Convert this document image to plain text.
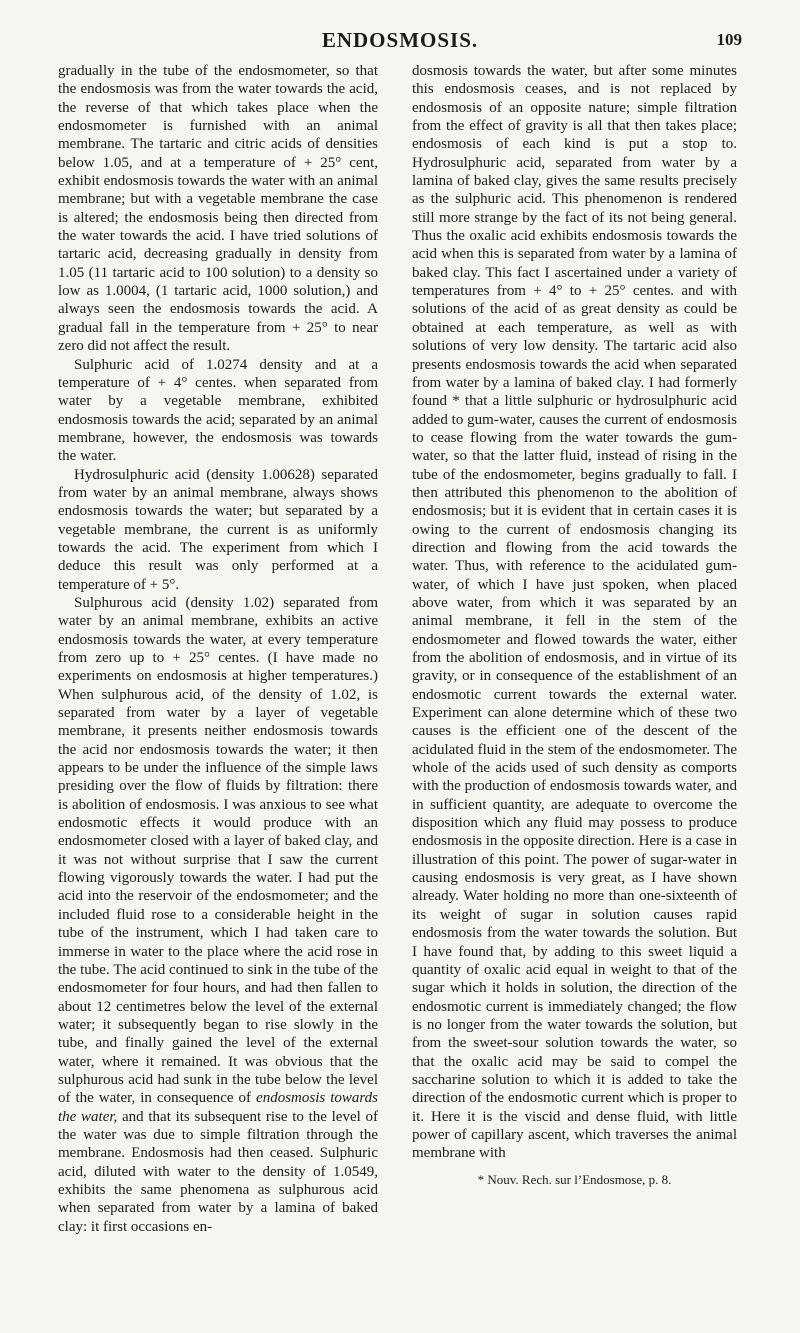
ENDOSMOSIS.	109

gradually in the tube of the endosmometer, so that the endosmosis was from the water towards the acid, the reverse of that which takes place when the endosmometer is furnished with an animal membrane. The tartaric and citric acids of densities below 1.05, and at a temperature of + 25° cent, exhibit endosmosis towards the water with an animal membrane; but with a vegetable membrane the case is altered; the endosmosis being then directed from the water towards the acid. I have tried solutions of tartaric acid, decreasing gradually in density from 1.05 (11 tartaric acid to 100 solution) to a density so low as 1.0004, (1 tartaric acid, 1000 solution,) and always seen the endosmosis towards the acid. A gradual fall in the temperature from + 25° to near zero did not affect the result.

Sulphuric acid of 1.0274 density and at a temperature of + 4° centes. when separated from water by a vegetable membrane, exhibited endosmosis towards the acid; separated by an animal membrane, however, the endosmosis was towards the water.

Hydrosulphuric acid (density 1.00628) separated from water by an animal membrane, always shows endosmosis towards the water; but separated by a vegetable membrane, the current is as uniformly towards the acid. The experiment from which I deduce this result was only performed at a temperature of + 5°.

Sulphurous acid (density 1.02) separated from water by an animal membrane, exhibits an active endosmosis towards the water, at every temperature from zero up to + 25° centes. (I have made no experiments on endosmosis at higher temperatures.) When sulphurous acid, of the density of 1.02, is separated from water by a layer of vegetable membrane, it presents neither endosmosis towards the acid nor endosmosis towards the water; it then appears to be under the influence of the simple laws presiding over the flow of fluids by filtration: there is abolition of endosmosis. I was anxious to see what endosmotic effects it would produce with an endosmometer closed with a layer of baked clay, and it was not without surprise that I saw the current flowing vigorously towards the water. I had put the acid into the reservoir of the endosmometer; and the included fluid rose to a considerable height in the tube of the instrument, which I had taken care to immerse in water to the place where the acid rose in the tube. The acid continued to sink in the tube of the endosmometer for four hours, and had then fallen to about 12 centimetres below the level of the external water; it subsequently began to rise slowly in the tube, and finally gained the level of the external water, where it remained. It was obvious that the sulphurous acid had sunk in the tube below the level of the water, in consequence of endosmosis towards the water, and that its subsequent rise to the level of the water was due to simple filtration through the membrane. Endosmosis had then ceased. Sulphuric acid, diluted with water to the density of 1.0549, exhibits the same phenomena as sulphurous acid when separated from water by a lamina of baked clay: it first occasions en-

dosmosis towards the water, but after some minutes this endosmosis ceases, and is not replaced by endosmosis of an opposite nature; simple filtration from the effect of gravity is all that then takes place; endosmosis of each kind is put a stop to. Hydrosulphuric acid, separated from water by a lamina of baked clay, gives the same results precisely as the sulphuric acid. This phenomenon is rendered still more strange by the fact of its not being general. Thus the oxalic acid exhibits endosmosis towards the acid when this is separated from water by a lamina of baked clay. This fact I ascertained under a variety of temperatures from + 4° to + 25° centes. and with solutions of the acid of as great density as could be obtained at each temperature, as well as with solutions of very low density. The tartaric acid also presents endosmosis towards the acid when separated from water by a lamina of baked clay. I had formerly found * that a little sulphuric or hydrosulphuric acid added to gum-water, causes the current of endosmosis to cease flowing from the water towards the gum-water, so that the latter fluid, instead of rising in the tube of the endosmometer, begins gradually to fall. I then attributed this phenomenon to the abolition of endosmosis; but it is evident that in certain cases it is owing to the current of endosmosis changing its direction and flowing from the acid towards the water. Thus, with reference to the acidulated gum-water, of which I have just spoken, when placed above water, from which it was separated by an animal membrane, it fell in the stem of the endosmometer and flowed towards the water, either from the abolition of endosmosis, and in virtue of its gravity, or in consequence of the establishment of an endosmotic current towards the external water. Experiment can alone determine which of these two causes is the efficient one of the descent of the acidulated fluid in the stem of the endosmometer. The whole of the acids used of such density as comports with the production of endosmosis towards water, and in sufficient quantity, are adequate to overcome the disposition which any fluid may possess to produce endosmosis in the opposite direction. Here is a case in illustration of this point. The power of sugar-water in causing endosmosis is very great, as I have shown already. Water holding no more than one-sixteenth of its weight of sugar in solution causes rapid endosmosis from the water towards the solution. But I have found that, by adding to this sweet liquid a quantity of oxalic acid equal in weight to that of the sugar which it holds in solution, the direction of the endosmotic current is immediately changed; the flow is no longer from the water towards the solution, but from the sweet-sour solution towards the water, so that the oxalic acid may be said to compel the saccharine solution to which it is added to take the direction of the endosmotic current which is proper to it. Here it is the viscid and dense fluid, with little power of capillary ascent, which traverses the animal membrane with

* Nouv. Rech. sur l’Endosmose, p. 8.
